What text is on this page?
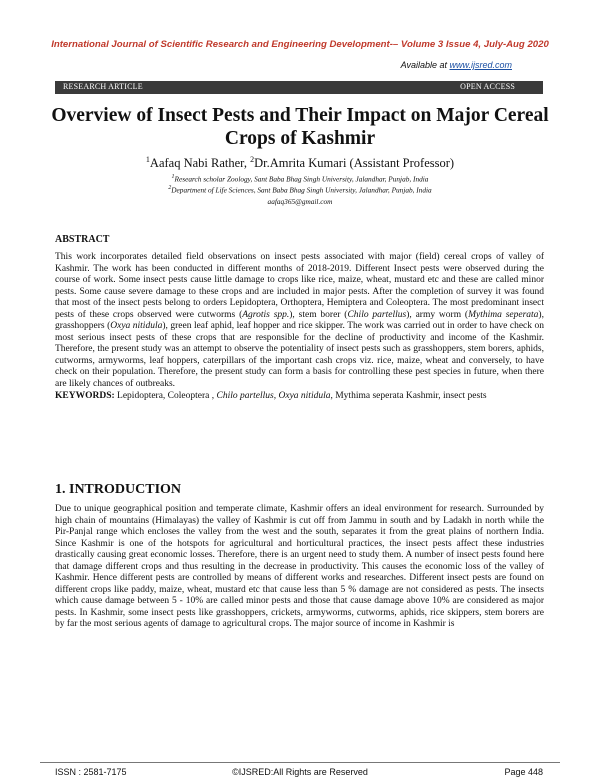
International Journal of Scientific Research and Engineering Development-– Volume 3 Issue 4, July-Aug 2020
Available at www.ijsred.com
RESEARCH ARTICLE	OPEN ACCESS
Overview of Insect Pests and Their Impact on Major Cereal Crops of Kashmir
$^1$Aafaq Nabi Rather, $^2$Dr.Amrita Kumari (Assistant Professor)
$^1$Research scholar Zoology, Sant Baba Bhag Singh University, Jalandhar, Punjab, India
$^2$Department of Life Sciences, Sant Baba Bhag Singh University, Jalandhar, Punjab, India
aafaq365@gmail.com
ABSTRACT

This work incorporates detailed field observations on insect pests associated with major (field) cereal crops of valley of Kashmir. The work has been conducted in different months of 2018-2019. Different Insect pests were observed during the course of work. Some insect pests cause little damage to crops like rice, maize, wheat, mustard etc and these are called minor pests. Some cause severe damage to these crops and are included in major pests. After the completion of survey it was found that most of the insect pests belong to orders Lepidoptera, Orthoptera, Hemiptera and Coleoptera. The most predominant insect pests of these crops observed were cutworms (Agrotis spp.), stem borer (Chilo partellus), army worm (Mythima seperata), grasshoppers (Oxya nitidula), green leaf aphid, leaf hopper and rice skipper. The work was carried out in order to have check on most serious insect pests of these crops that are responsible for the decline of productivity and income of the Kashmir. Therefore, the present study was an attempt to observe the potentiality of insect pests such as grasshoppers, stem borers, aphids, cutworms, armyworms, leaf hoppers, caterpillars of the important cash crops viz. rice, maize, wheat and conversely, to have check on their population. Therefore, the present study can form a basis for controlling these pest species in future, when there are likely chances of outbreaks.

KEYWORDS: Lepidoptera, Coleoptera , Chilo partellus, Oxya nitidula, Mythima seperata Kashmir, insect pests

1. INTRODUCTION

Due to unique geographical position and temperate climate, Kashmir offers an ideal environment for research. Surrounded by high chain of mountains (Himalayas) the valley of Kashmir is cut off from Jammu in south and by Ladakh in north while the Pir-Panjal range which encloses the valley from the west and the south, separates it from the great plains of northern India. Since Kashmir is one of the hotspots for agricultural and horticultural practices, the insect pests affect these industries drastically causing great economic losses. Therefore, there is an urgent need to study them. A number of insect pests found here that damage different crops and thus resulting in the decrease in productivity. This causes the economic loss of the valley of Kashmir. Hence different pests are controlled by means of different works and researches. Different insect pests are found on different crops like paddy, maize, wheat, mustard etc that cause less than 5 % damage are not considered as pests. The insects which cause damage between 5 - 10% are called minor pests and those that cause damage above 10% are considered as major pests. In Kashmir, some insect pests like grasshoppers, crickets, armyworms, cutworms, aphids, rice skippers, stem borers are by far the most serious agents of damage to agricultural crops. The major source of income in Kashmir is

ISSN : 2581-7175	©IJSRED:All Rights are Reserved	Page 448
